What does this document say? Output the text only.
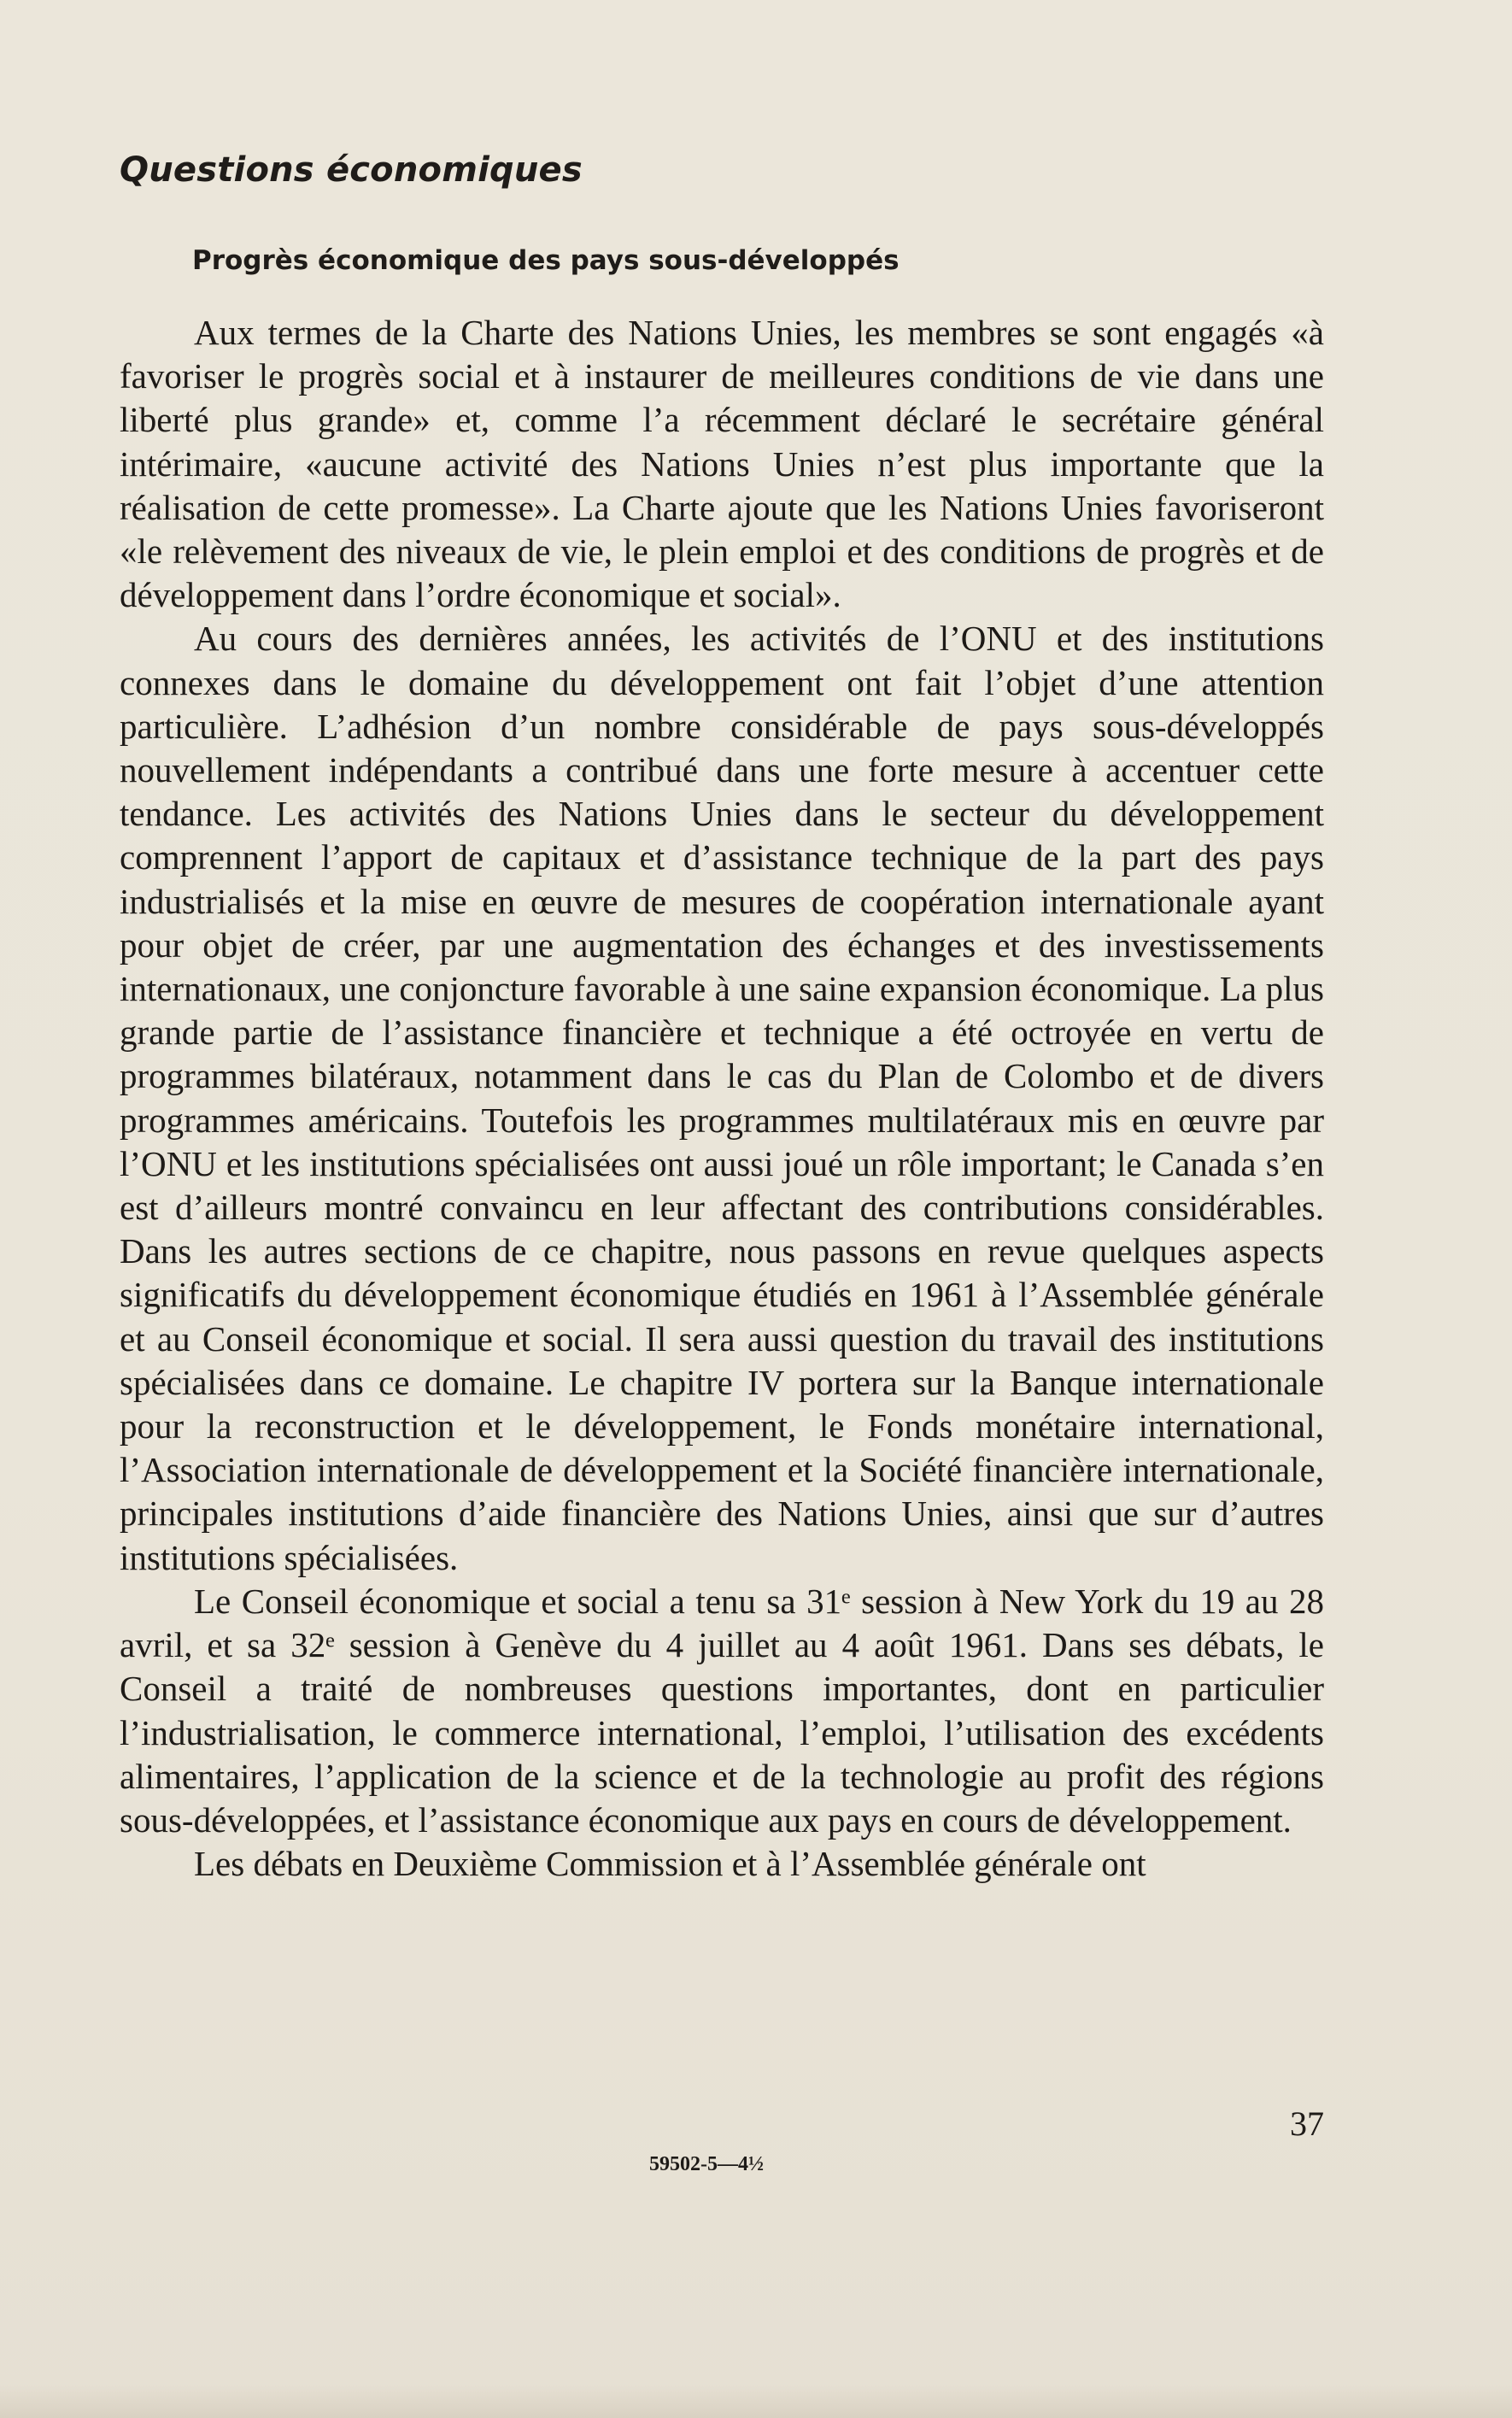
Questions économiques
Progrès économique des pays sous-développés

Aux termes de la Charte des Nations Unies, les membres se sont engagés «à favoriser le progrès social et à instaurer de meilleures conditions de vie dans une liberté plus grande» et, comme l’a récemment déclaré le secrétaire général intérimaire, «aucune activité des Nations Unies n’est plus importante que la réalisation de cette promesse». La Charte ajoute que les Nations Unies favoriseront «le relèvement des niveaux de vie, le plein emploi et des conditions de progrès et de développement dans l’ordre économique et social».

Au cours des dernières années, les activités de l’ONU et des institutions connexes dans le domaine du développement ont fait l’objet d’une attention particulière. L’adhésion d’un nombre considérable de pays sous-développés nouvellement indépendants a contribué dans une forte mesure à accentuer cette tendance. Les activités des Nations Unies dans le secteur du développement comprennent l’apport de capitaux et d’assistance technique de la part des pays industrialisés et la mise en œuvre de mesures de coopération internationale ayant pour objet de créer, par une augmentation des échanges et des investissements internationaux, une conjoncture favorable à une saine expansion économique. La plus grande partie de l’assistance financière et technique a été octroyée en vertu de programmes bilatéraux, notamment dans le cas du Plan de Colombo et de divers programmes américains. Toutefois les programmes multilatéraux mis en œuvre par l’ONU et les institutions spécialisées ont aussi joué un rôle important; le Canada s’en est d’ailleurs montré convaincu en leur affectant des contributions considérables. Dans les autres sections de ce chapitre, nous passons en revue quelques aspects significatifs du développement économique étudiés en 1961 à l’Assemblée générale et au Conseil économique et social. Il sera aussi question du travail des institutions spécialisées dans ce domaine. Le chapitre IV portera sur la Banque internationale pour la reconstruction et le développement, le Fonds monétaire international, l’Association internationale de développement et la Société financière internationale, principales institutions d’aide financière des Nations Unies, ainsi que sur d’autres institutions spécialisées.

Le Conseil économique et social a tenu sa 31ᵉ session à New York du 19 au 28 avril, et sa 32ᵉ session à Genève du 4 juillet au 4 août 1961. Dans ses débats, le Conseil a traité de nombreuses questions importantes, dont en particulier l’industrialisation, le commerce international, l’emploi, l’utilisation des excédents alimentaires, l’application de la science et de la technologie au profit des régions sous-développées, et l’assistance économique aux pays en cours de développement.

Les débats en Deuxième Commission et à l’Assemblée générale ont

37
59502-5—4½
